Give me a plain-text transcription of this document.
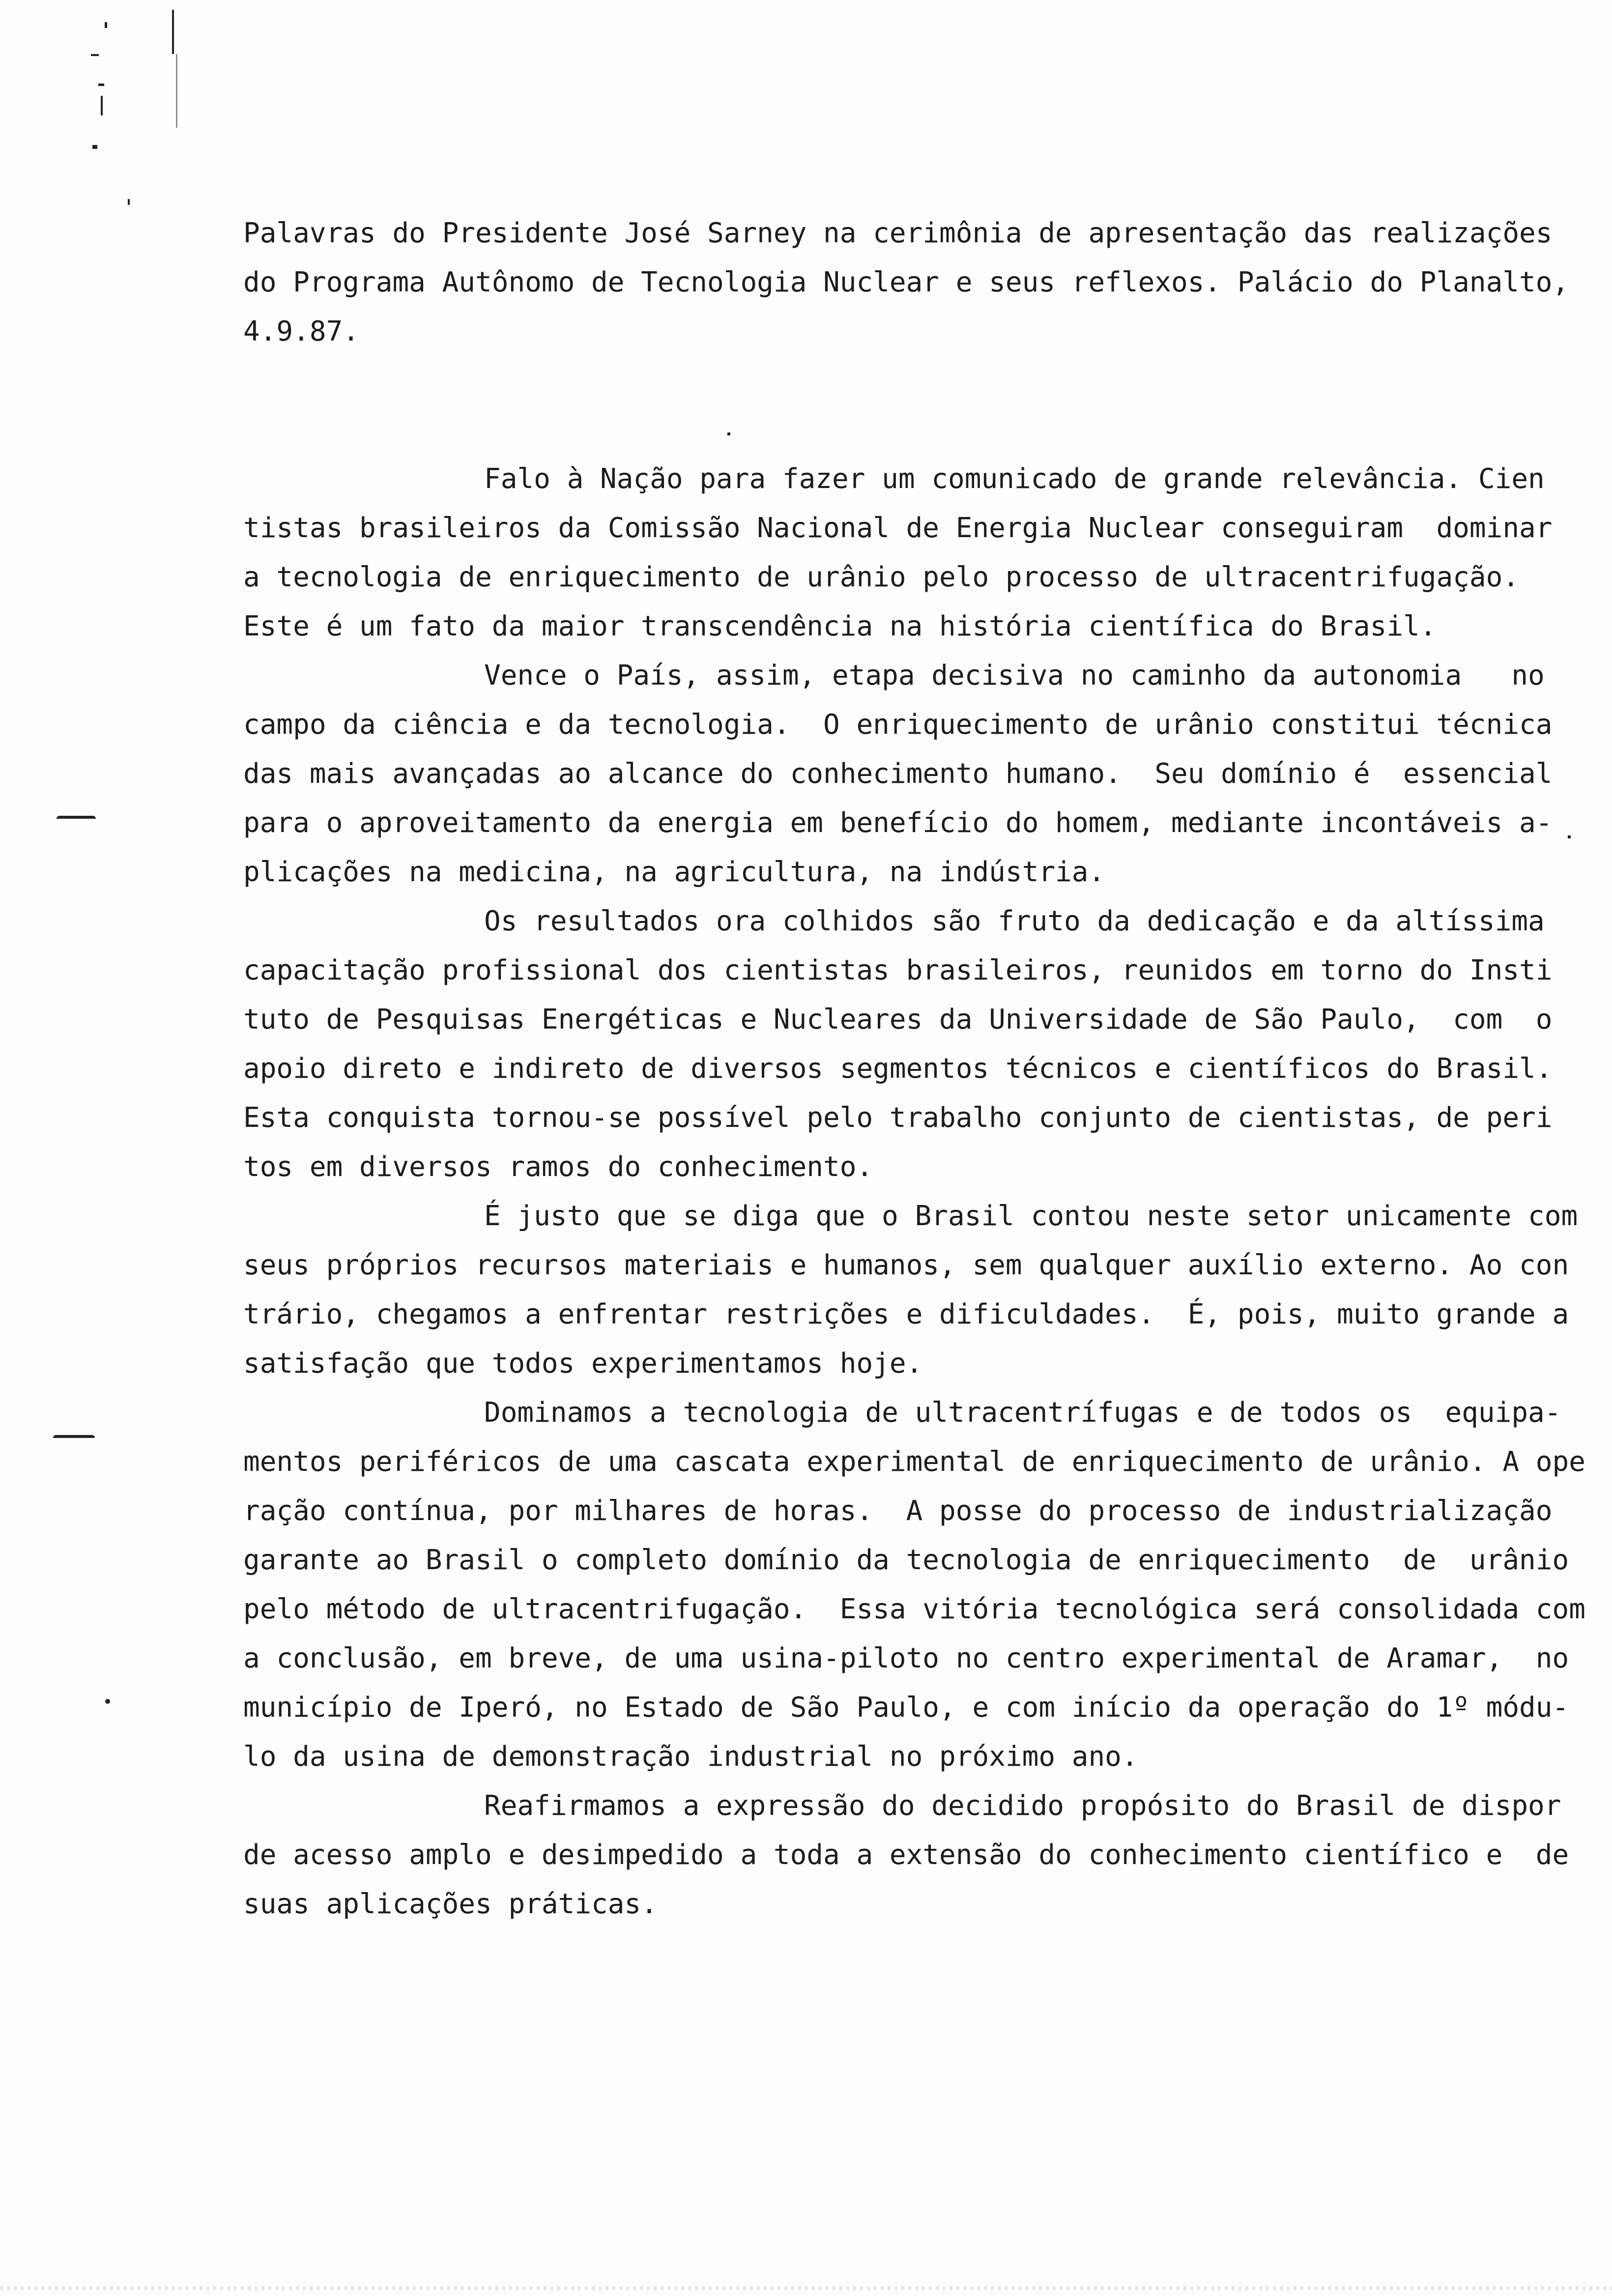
Palavras do Presidente José Sarney na cerimônia de apresentação das realizações
do Programa Autônomo de Tecnologia Nuclear e seus reflexos. Palácio do Planalto,
4.9.87.
Falo à Nação para fazer um comunicado de grande relevância. Cien
tistas brasileiros da Comissão Nacional de Energia Nuclear conseguiram  dominar
a tecnologia de enriquecimento de urânio pelo processo de ultracentrifugação.
Este é um fato da maior transcendência na história científica do Brasil.
Vence o País, assim, etapa decisiva no caminho da autonomia   no
campo da ciência e da tecnologia.  O enriquecimento de urânio constitui técnica
das mais avançadas ao alcance do conhecimento humano.  Seu domínio é  essencial
para o aproveitamento da energia em benefício do homem, mediante incontáveis a-
plicações na medicina, na agricultura, na indústria.
Os resultados ora colhidos são fruto da dedicação e da altíssima
capacitação profissional dos cientistas brasileiros, reunidos em torno do Insti
tuto de Pesquisas Energéticas e Nucleares da Universidade de São Paulo,  com  o
apoio direto e indireto de diversos segmentos técnicos e científicos do Brasil.
Esta conquista tornou-se possível pelo trabalho conjunto de cientistas, de peri
tos em diversos ramos do conhecimento.
É justo que se diga que o Brasil contou neste setor unicamente com
seus próprios recursos materiais e humanos, sem qualquer auxílio externo. Ao con
trário, chegamos a enfrentar restrições e dificuldades.  É, pois, muito grande a
satisfação que todos experimentamos hoje.
Dominamos a tecnologia de ultracentrífugas e de todos os  equipa-
mentos periféricos de uma cascata experimental de enriquecimento de urânio. A ope
ração contínua, por milhares de horas.  A posse do processo de industrialização
garante ao Brasil o completo domínio da tecnologia de enriquecimento  de  urânio
pelo método de ultracentrifugação.  Essa vitória tecnológica será consolidada com
a conclusão, em breve, de uma usina-piloto no centro experimental de Aramar,  no
município de Iperó, no Estado de São Paulo, e com início da operação do 1º módu-
lo da usina de demonstração industrial no próximo ano.
Reafirmamos a expressão do decidido propósito do Brasil de dispor
de acesso amplo e desimpedido a toda a extensão do conhecimento científico e  de
suas aplicações práticas.
